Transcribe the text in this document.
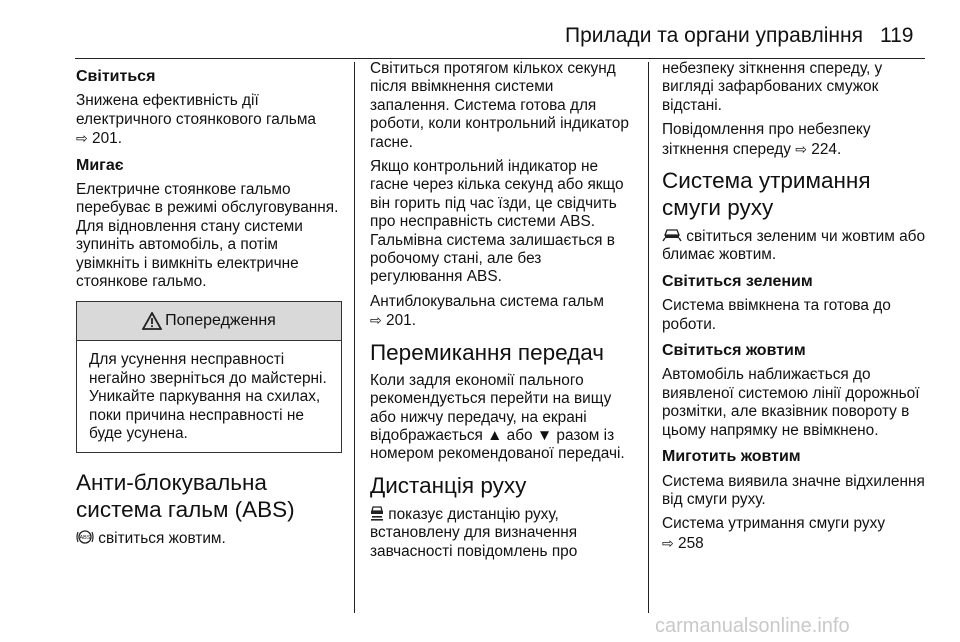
Прилади та органи управління 119
Світиться

Знижена ефективність дії електричного стоянкового гальма
⇨ 201.

Мигає

Електричне стоянкове гальмо перебуває в режимі обслуговування. Для відновлення стану системи зупиніть автомобіль, а потім увімкніть і вимкніть електричне стоянкове гальмо.

Попередження
Для усунення несправності негайно зверніться до майстерні. Уникайте паркування на схилах, поки причина несправності не буде усунена.
Анти-блокувальна система гальм (ABS)

ABS світиться жовтим.

Світиться протягом кількох секунд після ввімкнення системи запалення. Система готова для роботи, коли контрольний індикатор гасне.

Якщо контрольний індикатор не гасне через кілька секунд або якщо він горить під час їзди, це свідчить про несправність системи ABS. Гальмівна система залишається в робочому стані, але без регулювання ABS.

Антиблокувальна система гальм
⇨ 201.

Перемикання передач

Коли задля економії пального рекомендується перейти на вищу або нижчу передачу, на екрані відображається ▲ або ▼ разом із номером рекомендованої передачі.

Дистанція руху

показує дистанцію руху, встановлену для визначення завчасності повідомлень про

небезпеку зіткнення спереду, у вигляді зафарбованих смужок відстані.

Повідомлення про небезпеку зіткнення спереду ⇨ 224.

Система утримання смуги руху

світиться зеленим чи жовтим або блимає жовтим.

Світиться зеленим

Система ввімкнена та готова до роботи.

Світиться жовтим

Автомобіль наближається до виявленої системою лінії дорожньої розмітки, але вказівник повороту в цьому напрямку не ввімкнено.

Миготить жовтим

Система виявила значне відхилення від смуги руху.

Система утримання смуги руху
⇨ 258

carmanualsonline.info
